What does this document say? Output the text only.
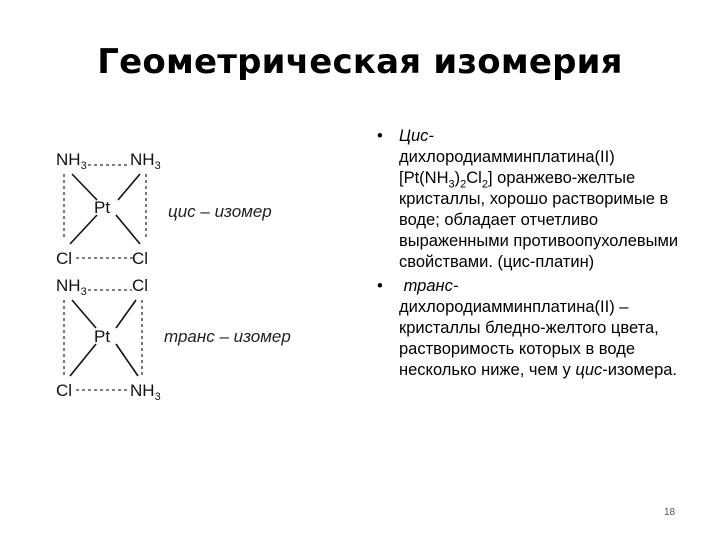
Геометрическая изомерия
$NH_3$	$NH_3$
Pt
Cl	Cl
цис – изомер
$NH_3$	Cl
Pt
Cl	$NH_3$
транс – изомер
• Цис-
дихлородиамминплатина(II) $[Pt(NH_3)_2Cl_2]$ оранжево-желтые кристаллы, хорошо растворимые в воде; обладает отчетливо выраженными противоопухолевыми свойствами. (цис-платин)
• транс-
дихлородиамминплатина(II) – кристаллы бледно-желтого цвета, растворимость которых в воде несколько ниже, чем у цис-изомера.
18
